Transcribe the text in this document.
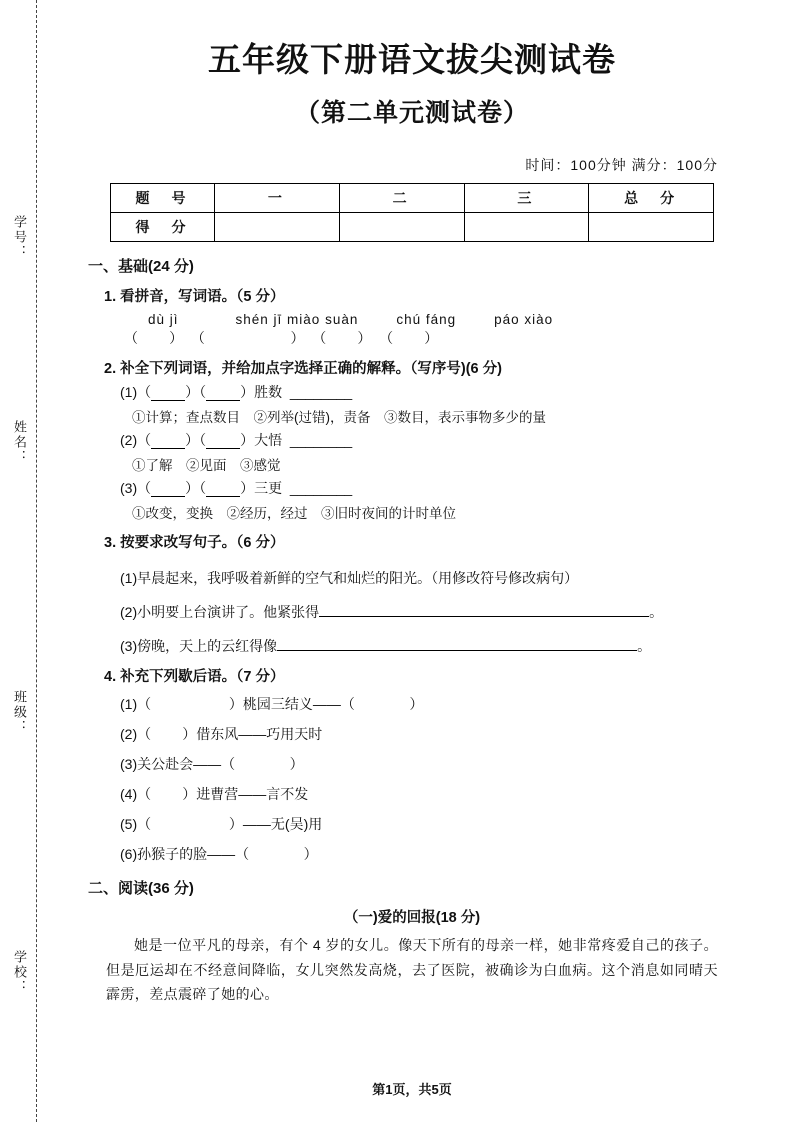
学号：
姓名：
班级：
学校：
五年级下册语文拔尖测试卷
（第二单元测试卷）
时间：100分钟 满分：100分
题　号	一	二	三	总　分
得　分				
一、基础(24 分)
1. 看拼音，写词语。（5 分）
dù jì            shén jī miào suàn        chú fáng        páo xiào
（        ）  （                      ）  （        ）  （        ）
2. 补全下列词语，并给加点字选择正确的解释。（写序号)(6 分)
(1)（ ）（ ）胜数 ________
①计算；查点数目　②列举(过错)，责备　③数目，表示事物多少的量
(2)（ ）（ ）大悟 ________
①了解　②见面　③感觉
(3)（ ）（ ）三更 ________
①改变，变换　②经历，经过　③旧时夜间的计时单位
3. 按要求改写句子。（6 分）
(1)早晨起来，我呼吸着新鲜的空气和灿烂的阳光。（用修改符号修改病句）
(2)小明要上台演讲了。他紧张得	。
(3)傍晚，天上的云红得像	。
4. 补充下列歇后语。（7 分）
(1)（                    ）桃园三结义——（              ）
(2)（        ）借东风——巧用天时
(3)关公赴会——（              ）
(4)（        ）进曹营——言不发
(5)（                    ）——无(吴)用
(6)孙猴子的脸——（              ）
二、阅读(36 分)
（一)爱的回报(18 分)
她是一位平凡的母亲，有个 4 岁的女儿。像天下所有的母亲一样，她非常疼爱自己的孩子。但是厄运却在不经意间降临，女儿突然发高烧，去了医院，被确诊为白血病。这个消息如同晴天霹雳，差点震碎了她的心。
第1页，共5页
